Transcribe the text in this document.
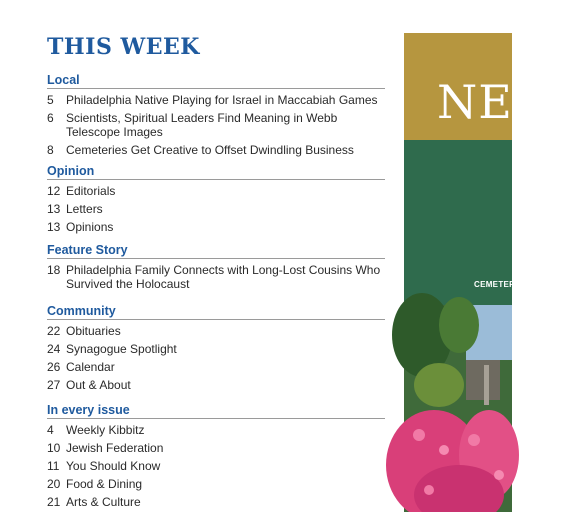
THIS WEEK
Local
5	Philadelphia Native Playing for Israel in Maccabiah Games
6	Scientists, Spiritual Leaders Find Meaning in Webb Telescope Images
8	Cemeteries Get Creative to Offset Dwindling Business
Opinion
12 Editorials
13 Letters
13 Opinions
Feature Story
18 Philadelphia Family Connects with Long-Lost Cousins Who Survived the Holocaust
Community
22 Obituaries
24 Synagogue Spotlight
26 Calendar
27 Out & About
In every issue
4	Weekly Kibbitz
10 Jewish Federation
11 You Should Know
20 Food & Dining
21 Arts & Culture
NEW
CEMETER
